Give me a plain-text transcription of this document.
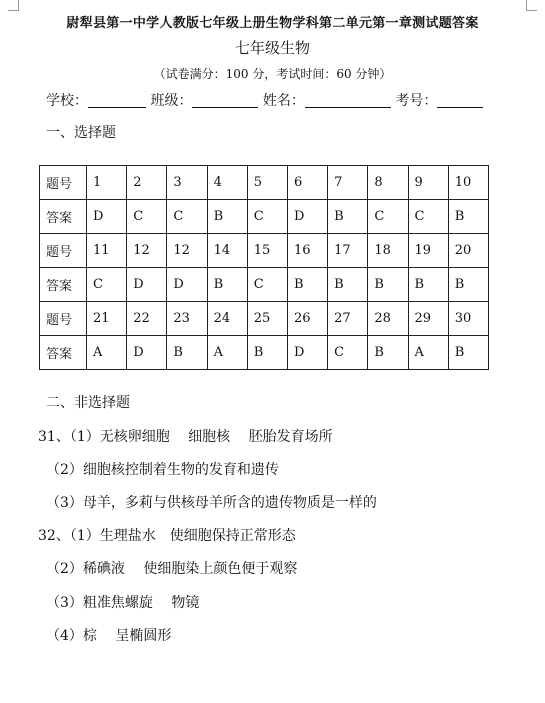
尉犁县第一中学人教版七年级上册生物学科第二单元第一章测试题答案
七年级生物
（试卷满分：100 分，考试时间：60 分钟）
学校：	班级：	姓名：	考号：
一、选择题
题号	1	2	3	4	5	6	7	8	9	10
答案	D	C	C	B	C	D	B	C	C	B
题号	11	12	12	14	15	16	17	18	19	20
答案	C	D	D	B	C	B	B	B	B	B
题号	21	22	23	24	25	26	27	28	29	30
答案	A	D	B	A	B	D	C	B	A	B
二、非选择题
31、（1）无核卵细胞　 细胞核　 胚胎发育场所
（2）细胞核控制着生物的发育和遗传
（3）母羊，多莉与供核母羊所含的遗传物质是一样的
32、（1）生理盐水　使细胞保持正常形态
（2）稀碘液　 使细胞染上颜色便于观察
（3）粗准焦螺旋　 物镜
（4）棕　 呈椭圆形
